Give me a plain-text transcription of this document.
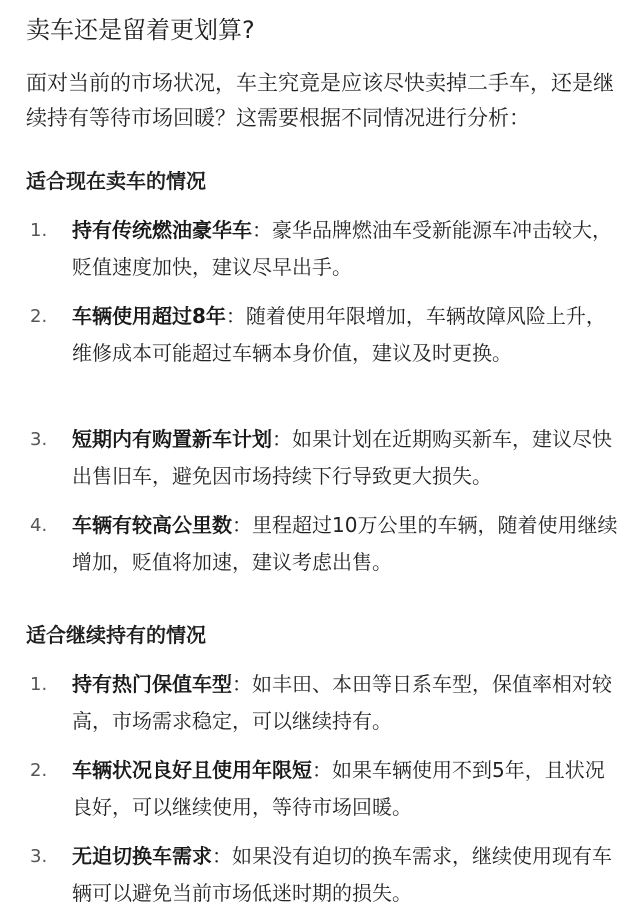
卖车还是留着更划算?
面对当前的市场状况，车主究竟是应该尽快卖掉二手车，还是继续持有等待市场回暖？这需要根据不同情况进行分析：
适合现在卖车的情况
1.	持有传统燃油豪华车：豪华品牌燃油车受新能源车冲击较大，贬值速度加快，建议尽早出手。
2.	车辆使用超过8年：随着使用年限增加，车辆故障风险上升，维修成本可能超过车辆本身价值，建议及时更换。
3.	短期内有购置新车计划：如果计划在近期购买新车，建议尽快出售旧车，避免因市场持续下行导致更大损失。
4.	车辆有较高公里数：里程超过10万公里的车辆，随着使用继续增加，贬值将加速，建议考虑出售。
适合继续持有的情况
1.	持有热门保值车型：如丰田、本田等日系车型，保值率相对较高，市场需求稳定，可以继续持有。
2.	车辆状况良好且使用年限短：如果车辆使用不到5年，且状况良好，可以继续使用，等待市场回暖。
3.	无迫切换车需求：如果没有迫切的换车需求，继续使用现有车辆可以避免当前市场低迷时期的损失。
